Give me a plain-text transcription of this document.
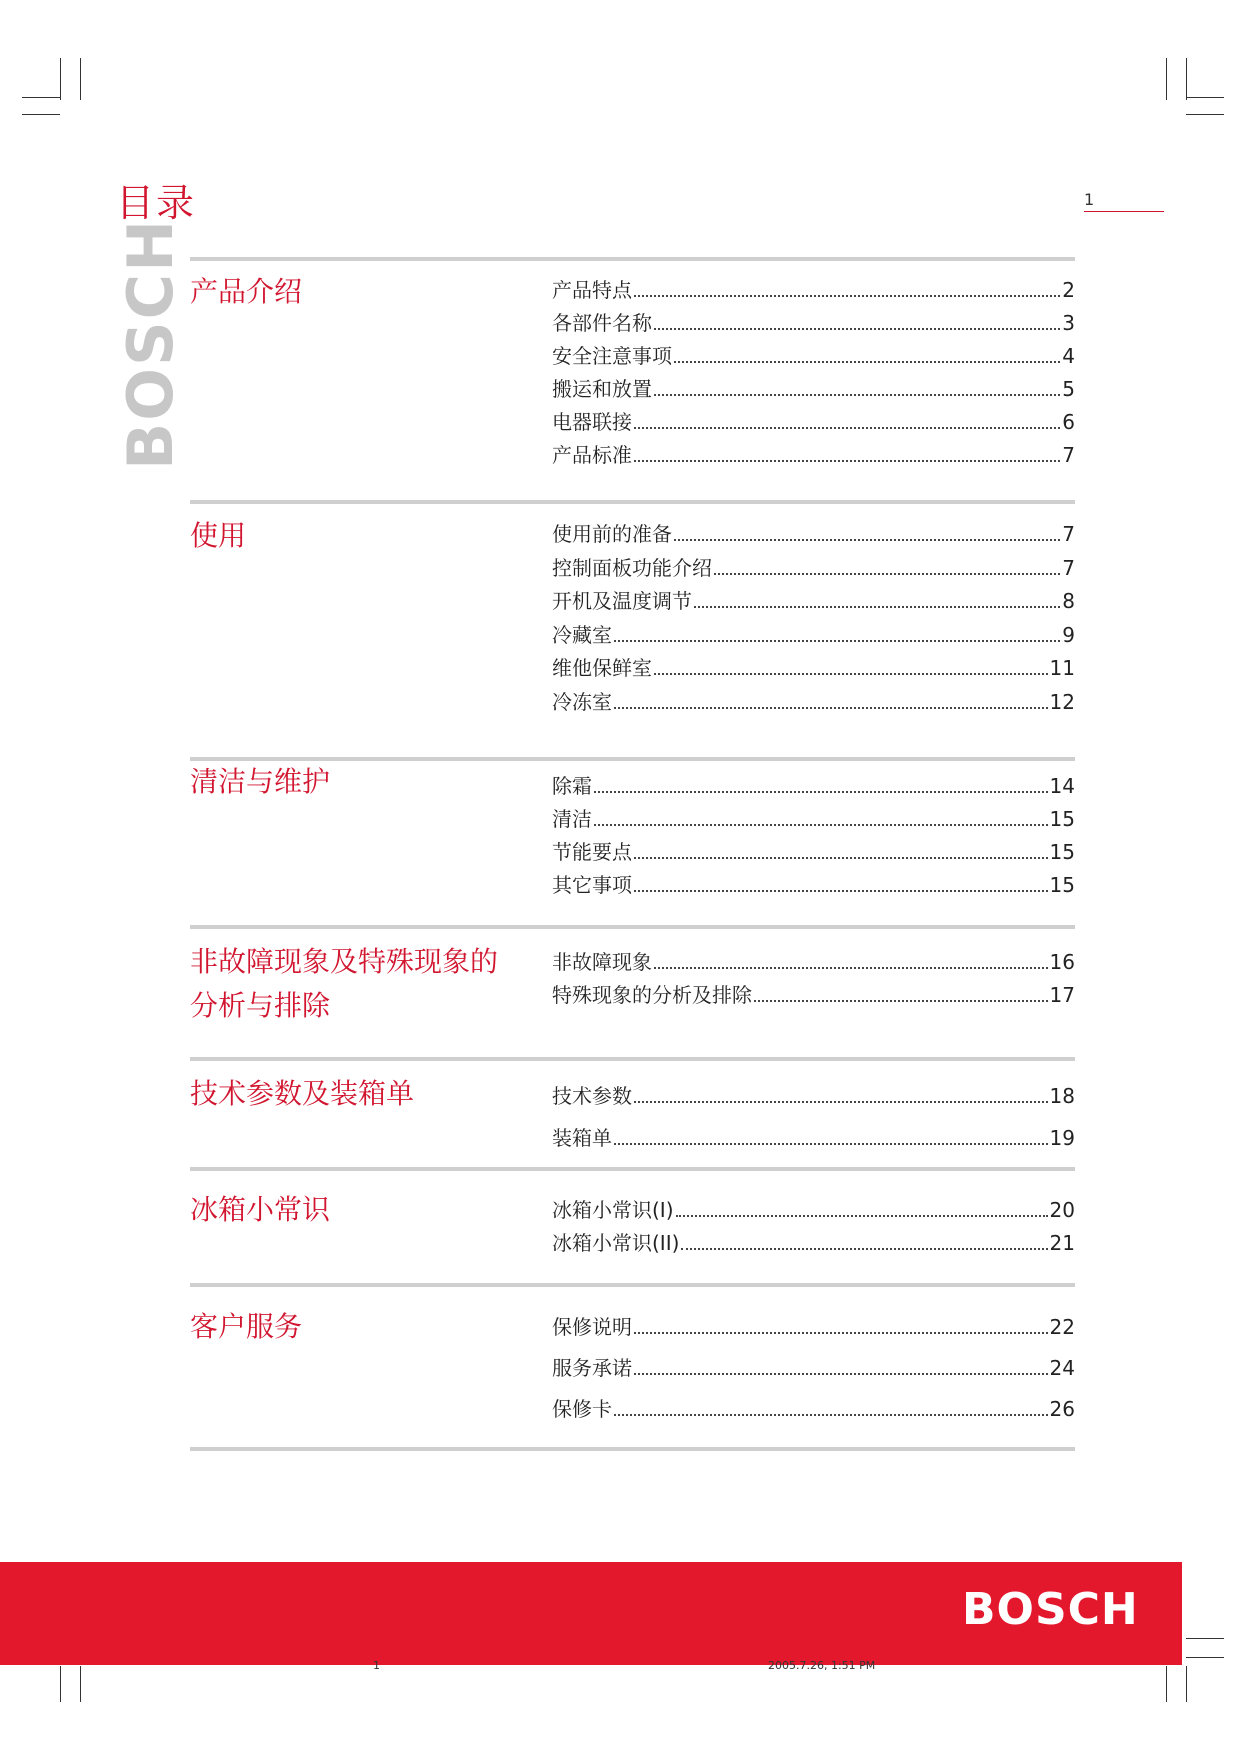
目录	1
BOSCH 产品介绍	产品特点	2
各部件名称	3
安全注意事项	4
搬运和放置	5
电器联接	6
产品标准	7
使用	使用前的准备	7
控制面板功能介绍	7
开机及温度调节	8
冷藏室	9
维他保鲜室	11
冷冻室	12
清洁与维护	除霜	14
清洁	15
节能要点	15
其它事项	15
非故障现象及特殊现象的分析与排除
非故障现象	16
特殊现象的分析及排除	17
技术参数及装箱单	技术参数	18
装箱单	19
冰箱小常识	冰箱小常识(I)	20
冰箱小常识(II)	21
客户服务	保修说明	22
服务承诺	24
保修卡	26
BOSCH
1	2005.7.26, 1:51 PM
